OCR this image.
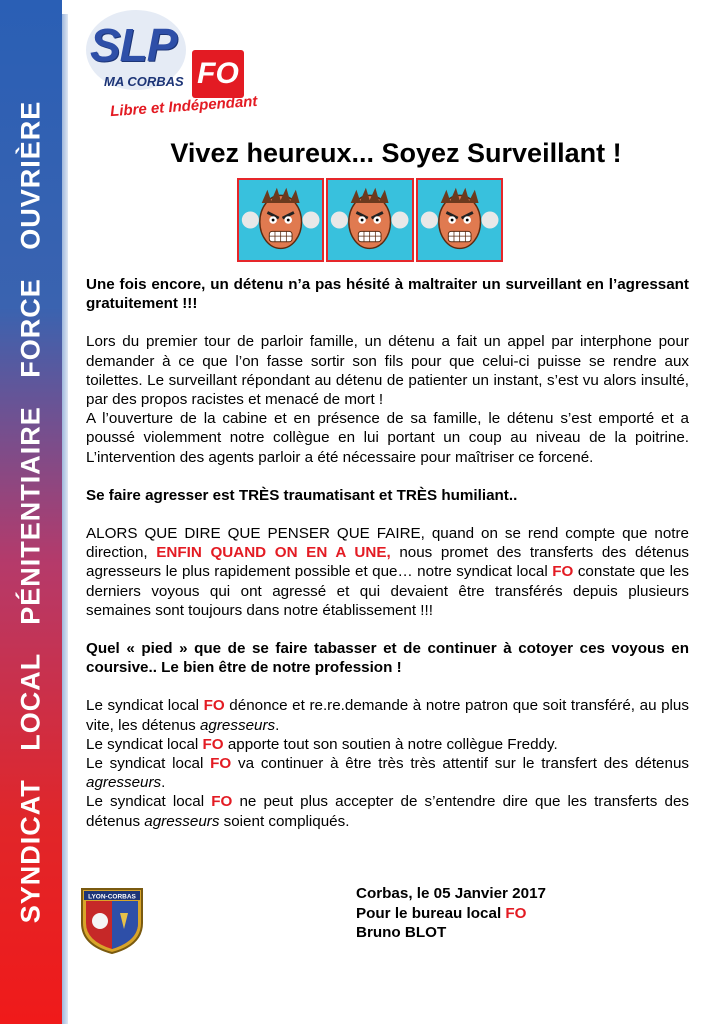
SYNDICAT LOCAL PÉNITENTIAIRE FORCE OUVRIÈRE
SLP
FO
MA CORBAS
Libre et Indépendant
Vivez heureux... Soyez Surveillant !

Une fois encore, un détenu n’a pas hésité à maltraiter un surveillant en l’agressant gratuitement !!!

Lors du premier tour de parloir famille, un détenu a fait un appel par interphone pour demander à ce que l’on fasse sortir son fils pour que celui-ci puisse se rendre aux toilettes. Le surveillant répondant au détenu de patienter un instant, s’est vu alors insulté, par des propos racistes et menacé de mort !

A l’ouverture de la cabine et en présence de sa famille, le détenu s’est emporté et a poussé violemment notre collègue en lui portant un coup au niveau de la poitrine. L’intervention des agents parloir a été nécessaire pour maîtriser ce forcené.

Se faire agresser est TRÈS traumatisant et TRÈS humiliant..

ALORS QUE DIRE QUE PENSER QUE FAIRE, quand on se rend compte que notre direction, ENFIN QUAND ON EN A UNE, nous promet des transferts des détenus agresseurs le plus rapidement possible et que… notre syndicat local FO constate que les derniers voyous qui ont agressé et qui devaient être transférés depuis plusieurs semaines sont toujours dans notre établissement !!!

Quel « pied » que de se faire tabasser et de continuer à cotoyer ces voyous en coursive.. Le bien être de notre profession !

Le syndicat local FO dénonce et re.re.demande à notre patron que soit transféré, au plus vite, les détenus agresseurs.

Le syndicat local FO apporte tout son soutien à notre collègue Freddy.

Le syndicat local FO va continuer à être très très attentif sur le transfert des détenus agresseurs.

Le syndicat local FO ne peut plus accepter de s’entendre dire que les transferts des détenus agresseurs soient compliqués.

LYON-CORBAS	Corbas, le 05 Janvier 2017
Pour le bureau local FO
Bruno BLOT
